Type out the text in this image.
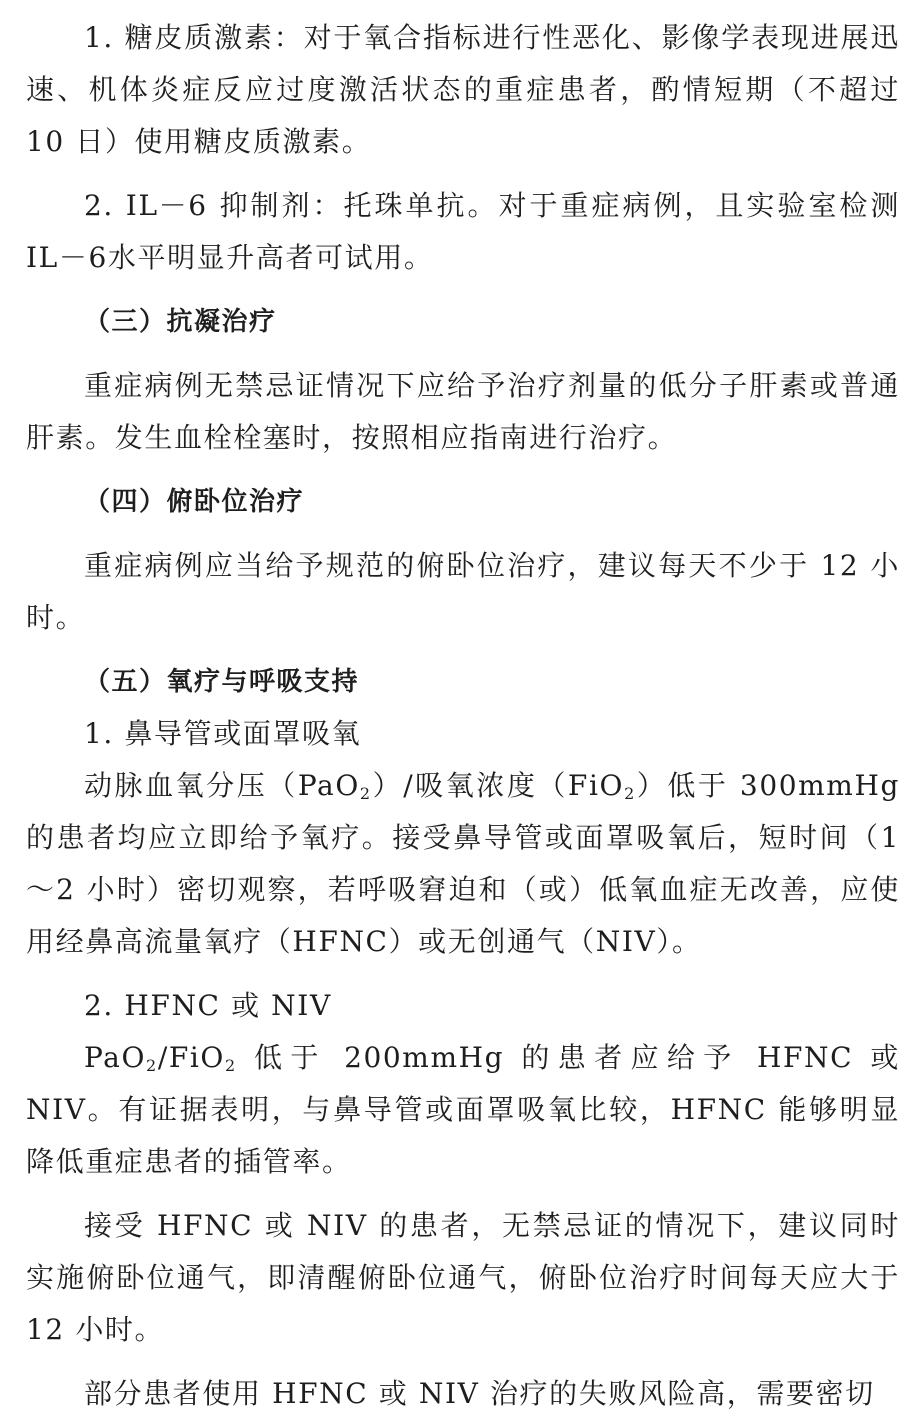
1. 糖皮质激素：对于氧合指标进行性恶化、影像学表现进展迅速、机体炎症反应过度激活状态的重症患者，酌情短期（不超过 10 日）使用糖皮质激素。

2. IL－6 抑制剂：托珠单抗。对于重症病例，且实验室检测 IL－6水平明显升高者可试用。

（三）抗凝治疗

重症病例无禁忌证情况下应给予治疗剂量的低分子肝素或普通肝素。发生血栓栓塞时，按照相应指南进行治疗。

（四）俯卧位治疗

重症病例应当给予规范的俯卧位治疗，建议每天不少于 12 小时。

（五）氧疗与呼吸支持

1. 鼻导管或面罩吸氧

动脉血氧分压（PaO$_2$）/吸氧浓度（FiO$_2$）低于 300mmHg 的患者均应立即给予氧疗。接受鼻导管或面罩吸氧后，短时间（1～2 小时）密切观察，若呼吸窘迫和（或）低氧血症无改善，应使用经鼻高流量氧疗（HFNC）或无创通气（NIV）。

2. HFNC 或 NIV

PaO$_2$/FiO$_2$ 低于 200mmHg 的患者应给予 HFNC 或 NIV。有证据表明，与鼻导管或面罩吸氧比较，HFNC 能够明显降低重症患者的插管率。

接受 HFNC 或 NIV 的患者，无禁忌证的情况下，建议同时实施俯卧位通气，即清醒俯卧位通气，俯卧位治疗时间每天应大于 12 小时。

部分患者使用 HFNC 或 NIV 治疗的失败风险高，需要密切
